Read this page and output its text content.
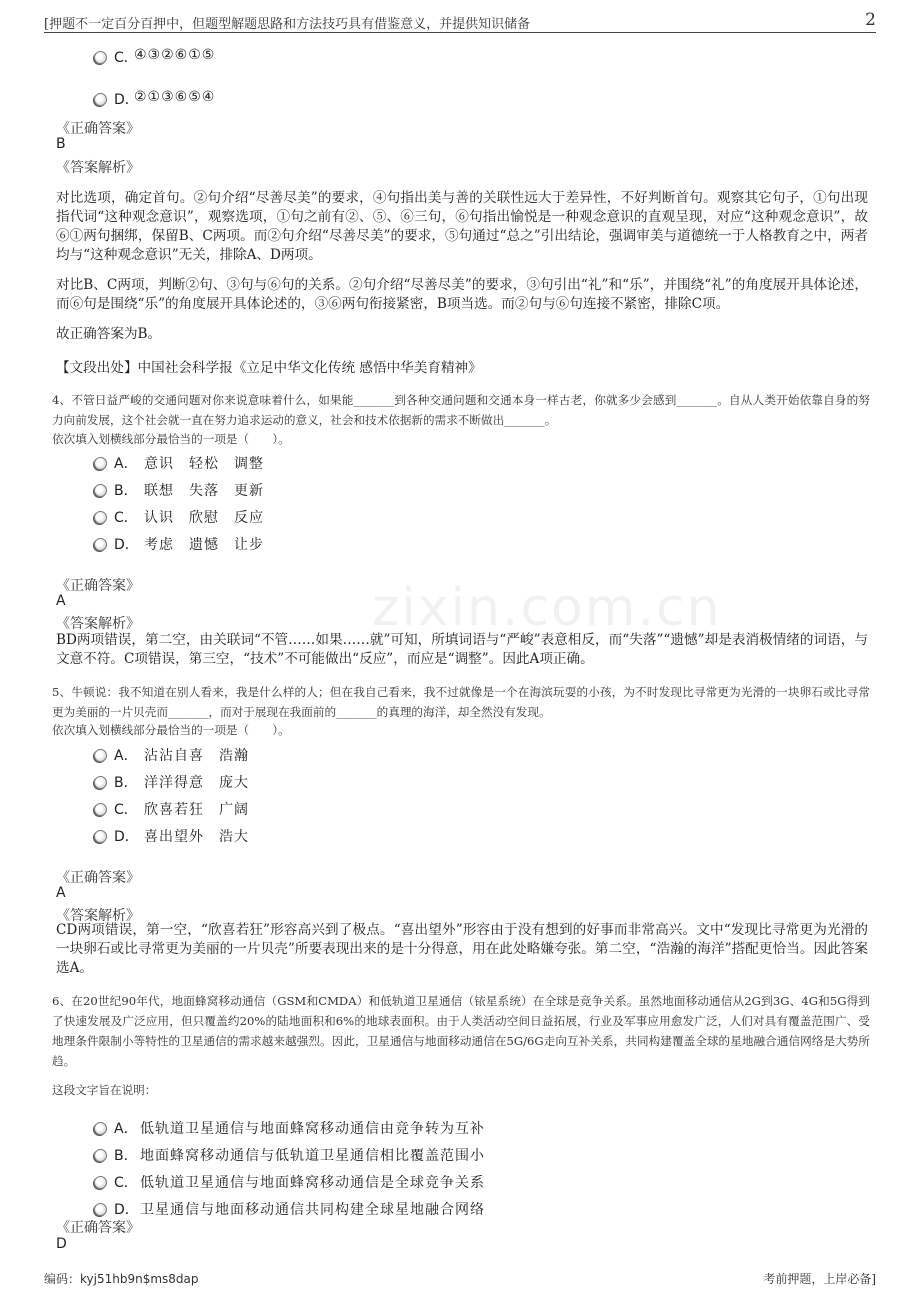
[押题不一定百分百押中，但题型解题思路和方法技巧具有借鉴意义，并提供知识储备	2
zixin.com.cn
C．
④③②⑥①⑤
D．
②①③⑥⑤④
《正确答案》
B
《答案解析》
对比选项，确定首句。②句介绍“尽善尽美”的要求，④句指出美与善的关联性远大于差异性，不好判断首句。观察其它句子，①句出现指代词“这种观念意识”，观察选项，①句之前有②、⑤、⑥三句，⑥句指出愉悦是一种观念意识的直观呈现，对应“这种观念意识”，故⑥①两句捆绑，保留B、C两项。而②句介绍“尽善尽美”的要求，⑤句通过“总之”引出结论，强调审美与道德统一于人格教育之中，两者均与“这种观念意识”无关，排除A、D两项。
对比B、C两项，判断②句、③句与⑥句的关系。②句介绍“尽善尽美”的要求，③句引出“礼”和“乐”，并围绕“礼”的角度展开具体论述，而⑥句是围绕“乐”的角度展开具体论述的，③⑥两句衔接紧密，B项当选。而②句与⑥句连接不紧密，排除C项。
故正确答案为B。
【文段出处】中国社会科学报《立足中华文化传统 感悟中华美育精神》
4、不管日益严峻的交通问题对你来说意味着什么，如果能_______到各种交通问题和交通本身一样古老，你就多少会感到_______。自从人类开始依靠自身的努力向前发展，这个社会就一直在努力追求运动的意义，社会和技术依据新的需求不断做出_______。
依次填入划横线部分最恰当的一项是（　　）。
A． 意识　轻松　调整
B． 联想　失落　更新
C． 认识　欣慰　反应
D． 考虑　遗憾　让步
《正确答案》
A
《答案解析》
BD两项错误，第二空，由关联词“不管……如果……就”可知，所填词语与“严峻”表意相反，而“失落”“遗憾”却是表消极情绪的词语，与文意不符。C项错误，第三空，“技术”不可能做出“反应”，而应是“调整”。因此A项正确。
5、牛顿说：我不知道在别人看来，我是什么样的人；但在我自己看来，我不过就像是一个在海滨玩耍的小孩，为不时发现比寻常更为光滑的一块卵石或比寻常更为美丽的一片贝壳而_______，而对于展现在我面前的_______的真理的海洋，却全然没有发现。
依次填入划横线部分最恰当的一项是（　　）。
A． 沾沾自喜　浩瀚
B． 洋洋得意　庞大
C． 欣喜若狂　广阔
D． 喜出望外　浩大
《正确答案》
A
《答案解析》
CD两项错误，第一空，“欣喜若狂”形容高兴到了极点。“喜出望外”形容由于没有想到的好事而非常高兴。文中“发现比寻常更为光滑的一块卵石或比寻常更为美丽的一片贝壳”所要表现出来的是十分得意，用在此处略嫌夸张。第二空，“浩瀚的海洋”搭配更恰当。因此答案选A。
6、在20世纪90年代，地面蜂窝移动通信（GSM和CMDA）和低轨道卫星通信（铱星系统）在全球是竞争关系。虽然地面移动通信从2G到3G、4G和5G得到了快速发展及广泛应用，但只覆盖约20%的陆地面积和6%的地球表面积。由于人类活动空间日益拓展，行业及军事应用愈发广泛，人们对具有覆盖范围广、受地理条件限制小等特性的卫星通信的需求越来越强烈。因此，卫星通信与地面移动通信在5G/6G走向互补关系，共同构建覆盖全球的星地融合通信网络是大势所趋。
这段文字旨在说明：
A． 低轨道卫星通信与地面蜂窝移动通信由竞争转为互补
B． 地面蜂窝移动通信与低轨道卫星通信相比覆盖范围小
C． 低轨道卫星通信与地面蜂窝移动通信是全球竞争关系
D． 卫星通信与地面移动通信共同构建全球星地融合网络
《正确答案》
D
编码：kyj51hb9n$ms8dap	考前押题，上岸必备]
